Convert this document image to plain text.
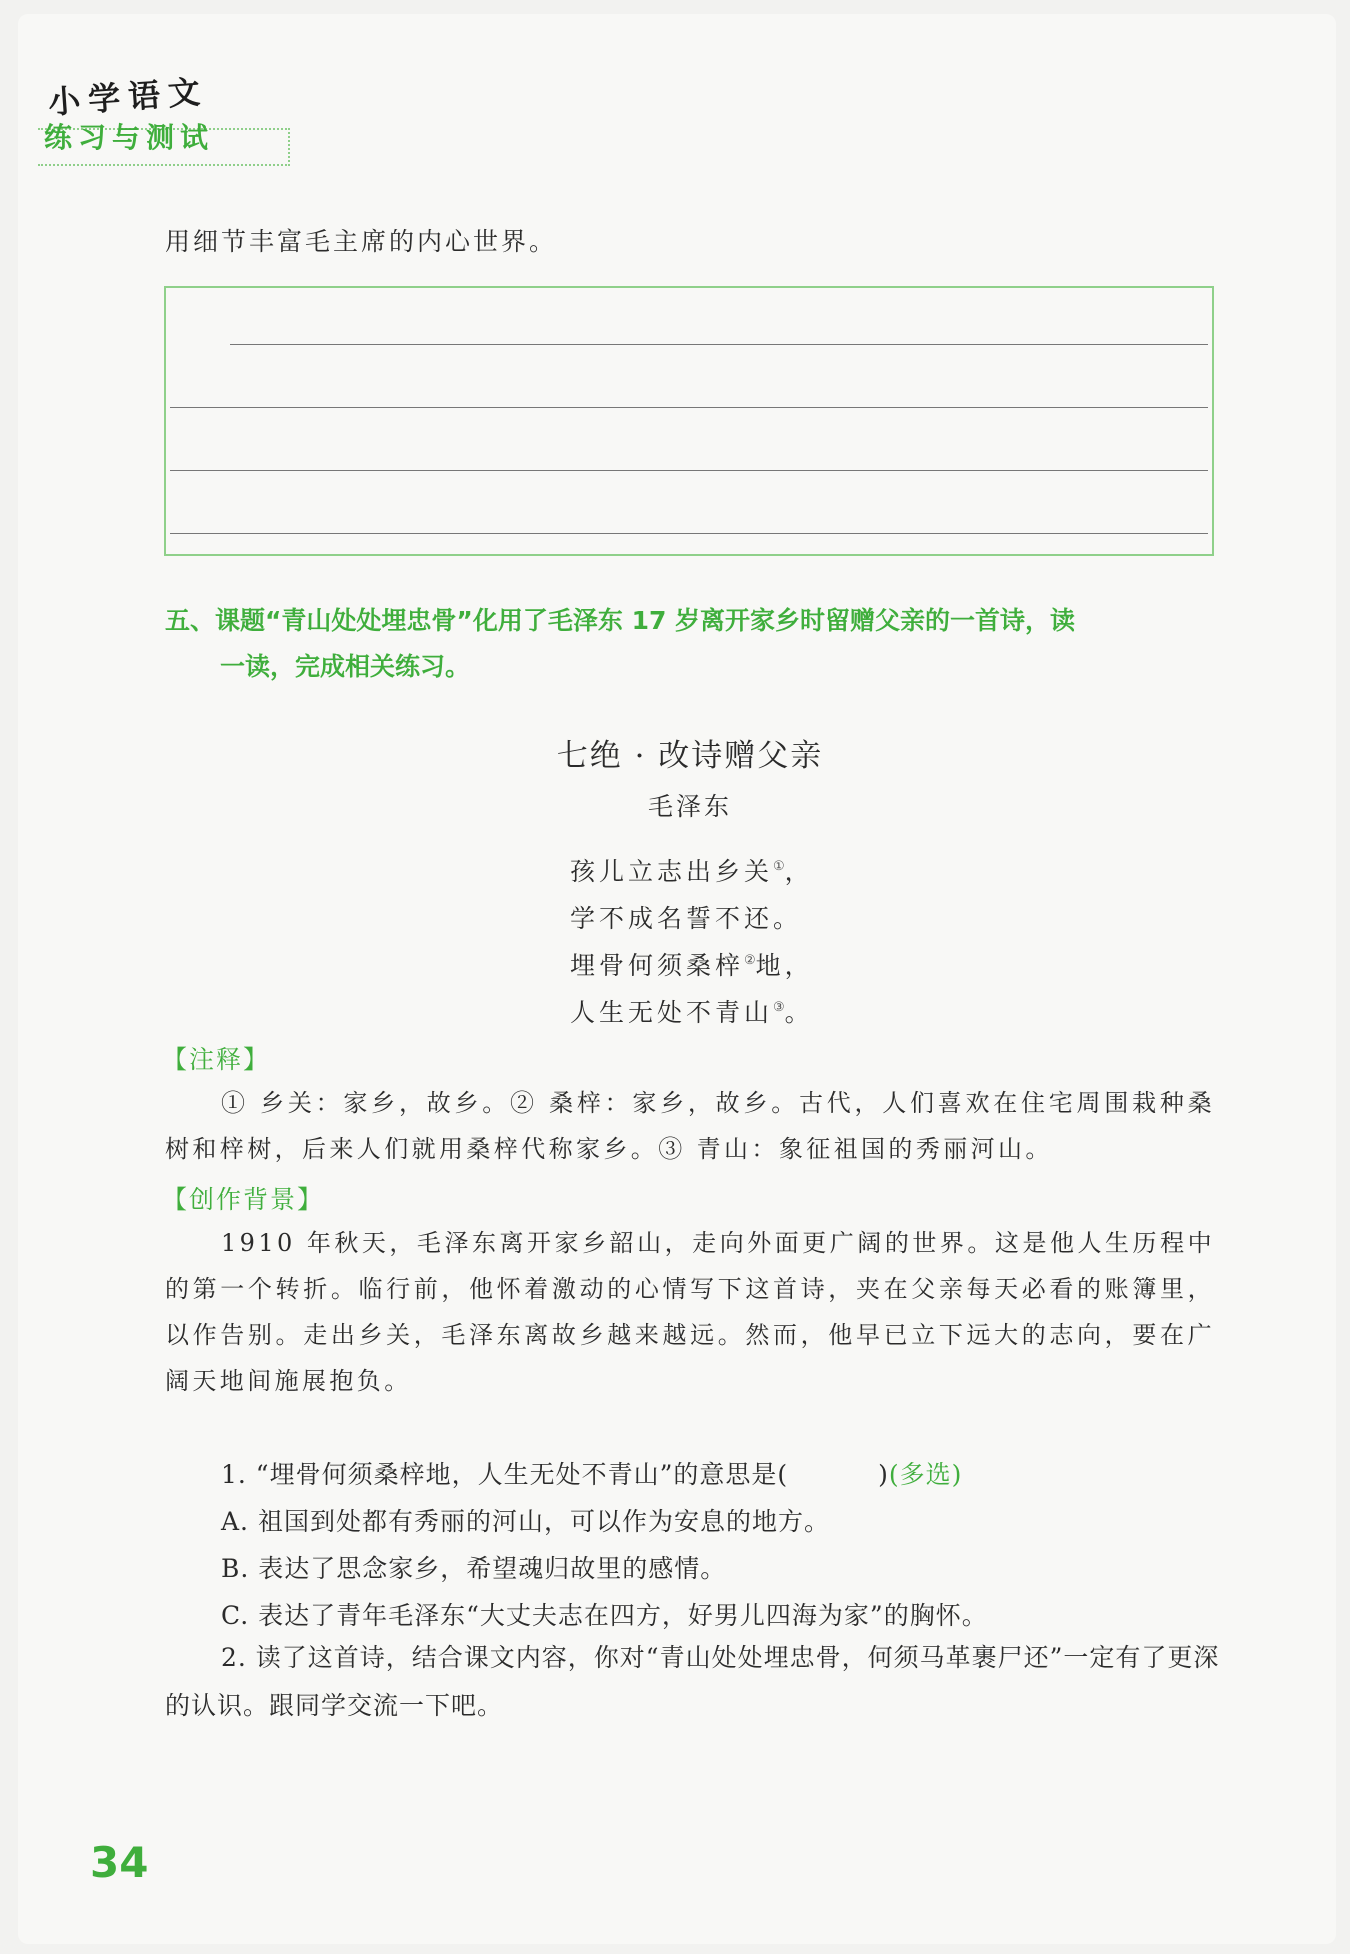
小学语文
练习与测试
用细节丰富毛主席的内心世界。
五、课题“青山处处埋忠骨”化用了毛泽东 17 岁离开家乡时留赠父亲的一首诗，读
一读，完成相关练习。
七绝 · 改诗赠父亲
毛泽东
孩儿立志出乡关①，
学不成名誓不还。
埋骨何须桑梓②地，
人生无处不青山③。
【注释】
① 乡关：家乡，故乡。② 桑梓：家乡，故乡。古代，人们喜欢在住宅周围栽种桑树和梓树，后来人们就用桑梓代称家乡。③ 青山：象征祖国的秀丽河山。
【创作背景】
1910 年秋天，毛泽东离开家乡韶山，走向外面更广阔的世界。这是他人生历程中的第一个转折。临行前，他怀着激动的心情写下这首诗，夹在父亲每天必看的账簿里，以作告别。走出乡关，毛泽东离故乡越来越远。然而，他早已立下远大的志向，要在广阔天地间施展抱负。
1. “埋骨何须桑梓地，人生无处不青山”的意思是(	)(多选)
A. 祖国到处都有秀丽的河山，可以作为安息的地方。
B. 表达了思念家乡，希望魂归故里的感情。
C. 表达了青年毛泽东“大丈夫志在四方，好男儿四海为家”的胸怀。
2. 读了这首诗，结合课文内容，你对“青山处处埋忠骨，何须马革裹尸还”一定有了更深的认识。跟同学交流一下吧。
34
